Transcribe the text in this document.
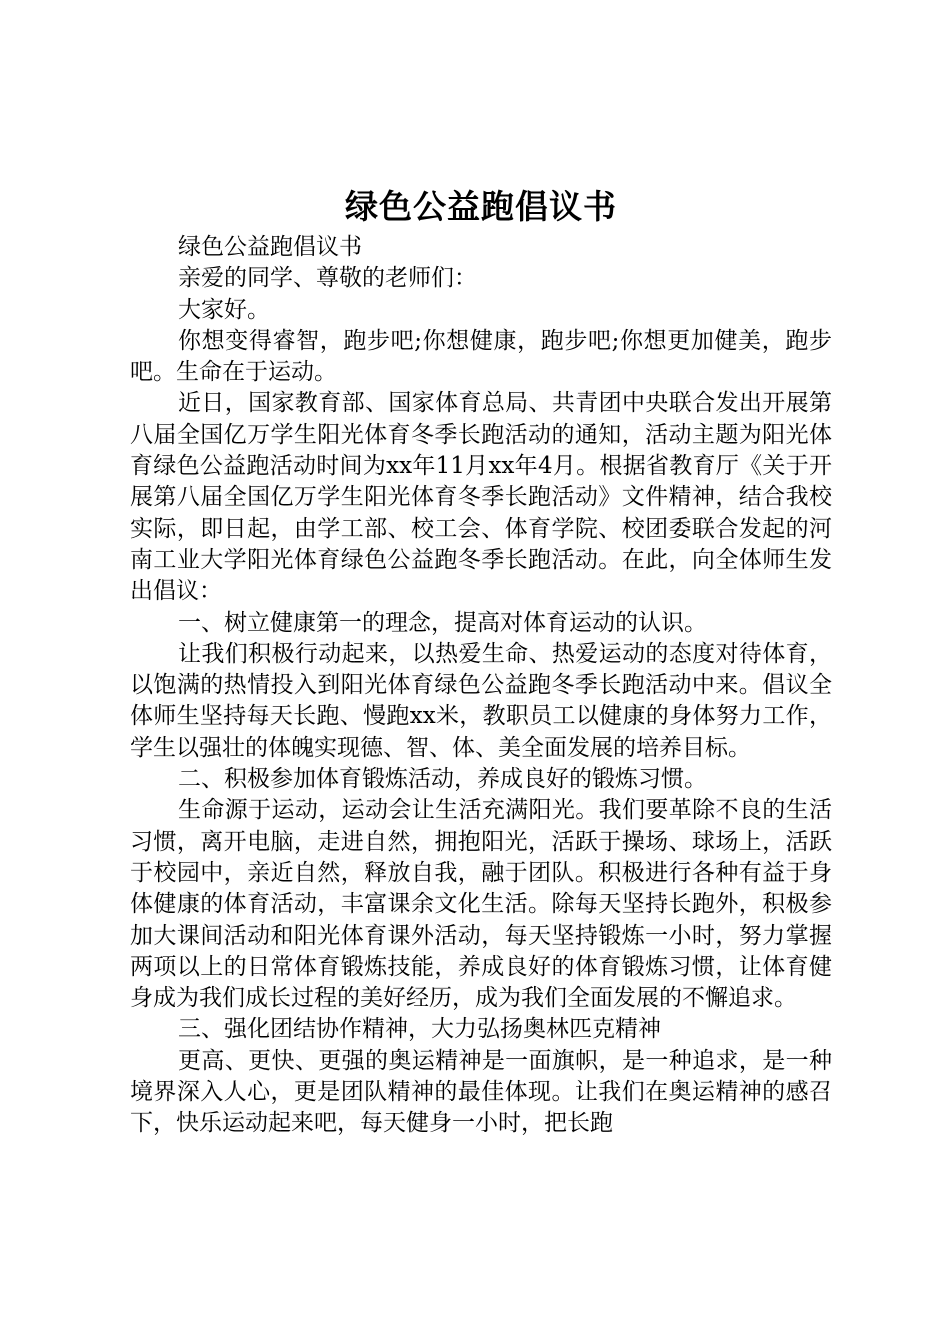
绿色公益跑倡议书

绿色公益跑倡议书

亲爱的同学、尊敬的老师们：

大家好。

你想变得睿智，跑步吧;你想健康，跑步吧;你想更加健美，跑步吧。生命在于运动。

近日，国家教育部、国家体育总局、共青团中央联合发出开展第八届全国亿万学生阳光体育冬季长跑活动的通知，活动主题为阳光体育绿色公益跑活动时间为xx年11月xx年4月。根据省教育厅《关于开展第八届全国亿万学生阳光体育冬季长跑活动》文件精神，结合我校实际，即日起，由学工部、校工会、体育学院、校团委联合发起的河南工业大学阳光体育绿色公益跑冬季长跑活动。在此，向全体师生发出倡议：

一、树立健康第一的理念，提高对体育运动的认识。

让我们积极行动起来，以热爱生命、热爱运动的态度对待体育，以饱满的热情投入到阳光体育绿色公益跑冬季长跑活动中来。倡议全体师生坚持每天长跑、慢跑xx米，教职员工以健康的身体努力工作，学生以强壮的体魄实现德、智、体、美全面发展的培养目标。

二、积极参加体育锻炼活动，养成良好的锻炼习惯。

生命源于运动，运动会让生活充满阳光。我们要革除不良的生活习惯，离开电脑，走进自然，拥抱阳光，活跃于操场、球场上，活跃于校园中，亲近自然，释放自我，融于团队。积极进行各种有益于身体健康的体育活动，丰富课余文化生活。除每天坚持长跑外，积极参加大课间活动和阳光体育课外活动，每天坚持锻炼一小时，努力掌握两项以上的日常体育锻炼技能，养成良好的体育锻炼习惯，让体育健身成为我们成长过程的美好经历，成为我们全面发展的不懈追求。

三、强化团结协作精神，大力弘扬奥林匹克精神

更高、更快、更强的奥运精神是一面旗帜，是一种追求，是一种境界深入人心，更是团队精神的最佳体现。让我们在奥运精神的感召下，快乐运动起来吧，每天健身一小时，把长跑
